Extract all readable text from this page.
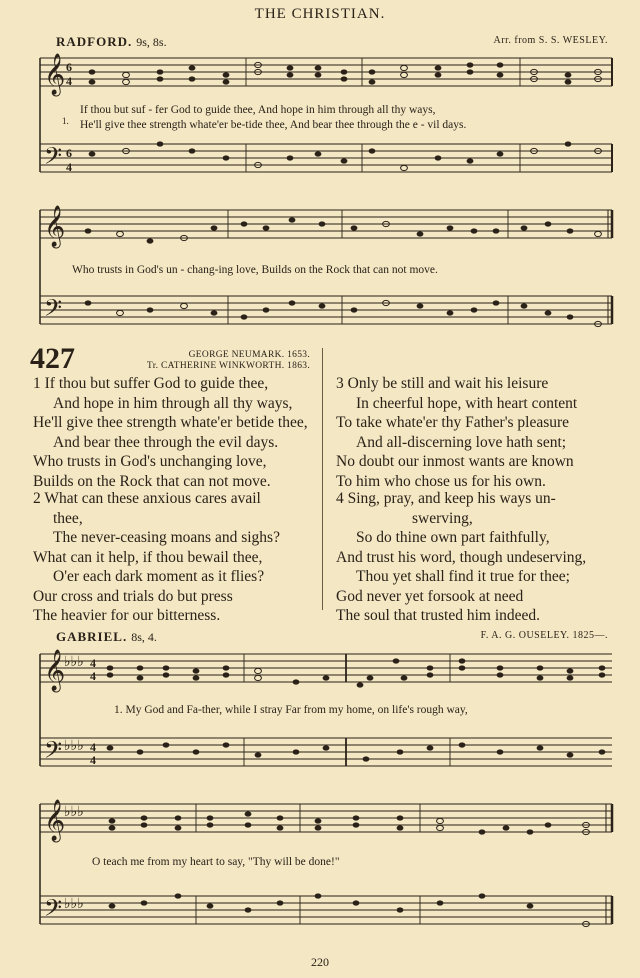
THE CHRISTIAN.
RADFORD. 9s, 8s.	Arr. from S. S. WESLEY.
𝄞
𝄢
6
4
6
4
1.
If thou but suf - fer God to guide thee, And hope in him through all thy ways,
He'll give thee strength whate'er be-tide thee, And bear thee through the e - vil days.
𝄞
𝄢
Who trusts in God's un - chang-ing love, Builds on the Rock that can not move.
427	GEORGE NEUMARK. 1653.
Tr. CATHERINE WINKWORTH. 1863.
1 If thou but suffer God to guide thee,
And hope in him through all thy ways,
He'll give thee strength whate'er betide thee,
And bear thee through the evil days.
Who trusts in God's unchanging love,
Builds on the Rock that can not move.
2 What can these anxious cares avail
thee,
The never-ceasing moans and sighs?
What can it help, if thou bewail thee,
O'er each dark moment as it flies?
Our cross and trials do but press
The heavier for our bitterness.
3 Only be still and wait his leisure
In cheerful hope, with heart content
To take whate'er thy Father's pleasure
And all-discerning love hath sent;
No doubt our inmost wants are known
To him who chose us for his own.
4 Sing, pray, and keep his ways un-
swerving,
So do thine own part faithfully,
And trust his word, though undeserving,
Thou yet shall find it true for thee;
God never yet forsook at need
The soul that trusted him indeed.
GABRIEL. 8s, 4.	F. A. G. OUSELEY. 1825—.
𝄞
𝄢
♭♭♭
♭♭♭
4
4
4
4
1. My God and Fa-ther, while I stray Far from my home, on life's rough way,
𝄞
𝄢
♭♭♭
♭♭♭
O teach me from my heart to say, "Thy will be done!"
220
